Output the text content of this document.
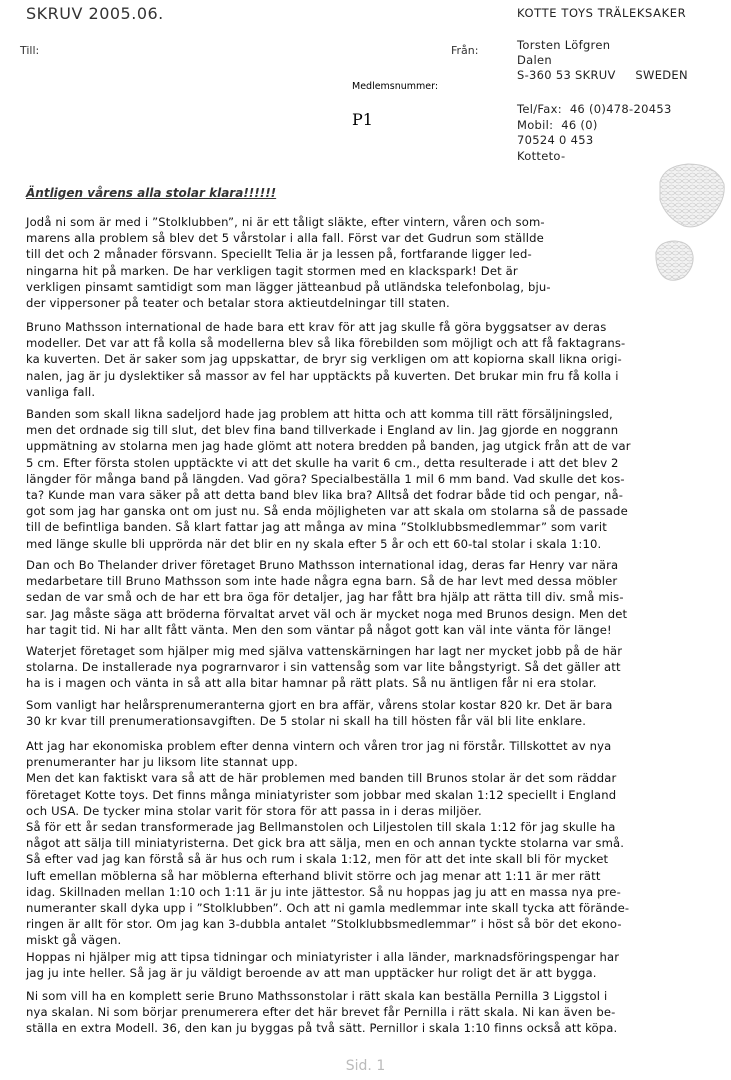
SKRUV 2005.06.
Till:	Från:
Medlemsnummer:
P1
KOTTE TOYS TRÄLEKSAKER
Torsten Löfgren
Dalen
S-360 53 SKRUV     SWEDEN
Tel/Fax:  46 (0)478-20453
Mobil:  46 (0)
70524 0 453
Kotteto-
Äntligen vårens alla stolar klara!!!!!!
Jodå ni som är med i ”Stolklubben”, ni är ett tåligt släkte, efter vintern, våren och som-
marens alla problem så blev det 5 vårstolar i alla fall. Först var det Gudrun som ställde
till det och 2 månader försvann. Speciellt Telia är ja lessen på, fortfarande ligger led-
ningarna hit på marken. De har verkligen tagit stormen med en klackspark! Det är
verkligen pinsamt samtidigt som man lägger jätteanbud på utländska telefonbolag, bju-
der vippersoner på teater och betalar stora aktieutdelningar till staten.
Bruno Mathsson international de hade bara ett krav för att jag skulle få göra byggsatser av deras
modeller. Det var att få kolla så modellerna blev så lika förebilden som möjligt och att få faktagrans-
ka kuverten. Det är saker som jag uppskattar, de bryr sig verkligen om att kopiorna skall likna origi-
nalen, jag är ju dyslektiker så massor av fel har upptäckts på kuverten. Det brukar min fru få kolla i
vanliga fall.
Banden som skall likna sadeljord hade jag problem att hitta och att komma till rätt försäljningsled,
men det ordnade sig till slut, det blev fina band tillverkade i England av lin. Jag gjorde en noggrann
uppmätning av stolarna men jag hade glömt att notera bredden på banden, jag utgick från att de var
5 cm. Efter första stolen upptäckte vi att det skulle ha varit 6 cm., detta resulterade i att det blev 2
längder för många band på längden. Vad göra? Specialbeställa 1 mil 6 mm band. Vad skulle det kos-
ta? Kunde man vara säker på att detta band blev lika bra? Alltså det fodrar både tid och pengar, nå-
got som jag har ganska ont om just nu. Så enda möjligheten var att skala om stolarna så de passade
till de befintliga banden. Så klart fattar jag att många av mina ”Stolklubbsmedlemmar” som varit
med länge skulle bli upprörda när det blir en ny skala efter 5 år och ett 60-tal stolar i skala 1:10.
Dan och Bo Thelander driver företaget Bruno Mathsson international idag, deras far Henry var nära
medarbetare till Bruno Mathsson som inte hade några egna barn. Så de har levt med dessa möbler
sedan de var små och de har ett bra öga för detaljer, jag har fått bra hjälp att rätta till div. små mis-
sar. Jag måste säga att bröderna förvaltat arvet väl och är mycket noga med Brunos design. Men det
har tagit tid. Ni har allt fått vänta. Men den som väntar på något gott kan väl inte vänta för länge!
Waterjet företaget som hjälper mig med själva vattenskärningen har lagt ner mycket jobb på de här
stolarna. De installerade nya pograrnvaror i sin vattensåg som var lite bångstyrigt. Så det gäller att
ha is i magen och vänta in så att alla bitar hamnar på rätt plats. Så nu äntligen får ni era stolar.
Som vanligt har helårsprenumeranterna gjort en bra affär, vårens stolar kostar 820 kr. Det är bara
30 kr kvar till prenumerationsavgiften. De 5 stolar ni skall ha till hösten får väl bli lite enklare.
Att jag har ekonomiska problem efter denna vintern och våren tror jag ni förstår. Tillskottet av nya
prenumeranter har ju liksom lite stannat upp.
Men det kan faktiskt vara så att de här problemen med banden till Brunos stolar är det som räddar
företaget Kotte toys. Det finns många miniatyrister som jobbar med skalan 1:12 speciellt i England
och USA. De tycker mina stolar varit för stora för att passa in i deras miljöer.
Så för ett år sedan transformerade jag Bellmanstolen och Liljestolen till skala 1:12 för jag skulle ha
något att sälja till miniatyristerna. Det gick bra att sälja, men en och annan tyckte stolarna var små.
Så efter vad jag kan förstå så är hus och rum i skala 1:12, men för att det inte skall bli för mycket
luft emellan möblerna så har möblerna efterhand blivit större och jag menar att 1:11 är mer rätt
idag. Skillnaden mellan 1:10 och 1:11 är ju inte jättestor. Så nu hoppas jag ju att en massa nya pre-
numeranter skall dyka upp i ”Stolklubben”. Och att ni gamla medlemmar inte skall tycka att förände-
ringen är allt för stor. Om jag kan 3-dubbla antalet ”Stolklubbsmedlemmar” i höst så bör det ekono-
miskt gå vägen.
Hoppas ni hjälper mig att tipsa tidningar och miniatyrister i alla länder, marknadsföringspengar har
jag ju inte heller. Så jag är ju väldigt beroende av att man upptäcker hur roligt det är att bygga.
Ni som vill ha en komplett serie Bruno Mathssonstolar i rätt skala kan beställa Pernilla 3 Liggstol i
nya skalan. Ni som börjar prenumerera efter det här brevet får Pernilla i rätt skala. Ni kan även be-
ställa en extra Modell. 36, den kan ju byggas på två sätt. Pernillor i skala 1:10 finns också att köpa.
Sid. 1
